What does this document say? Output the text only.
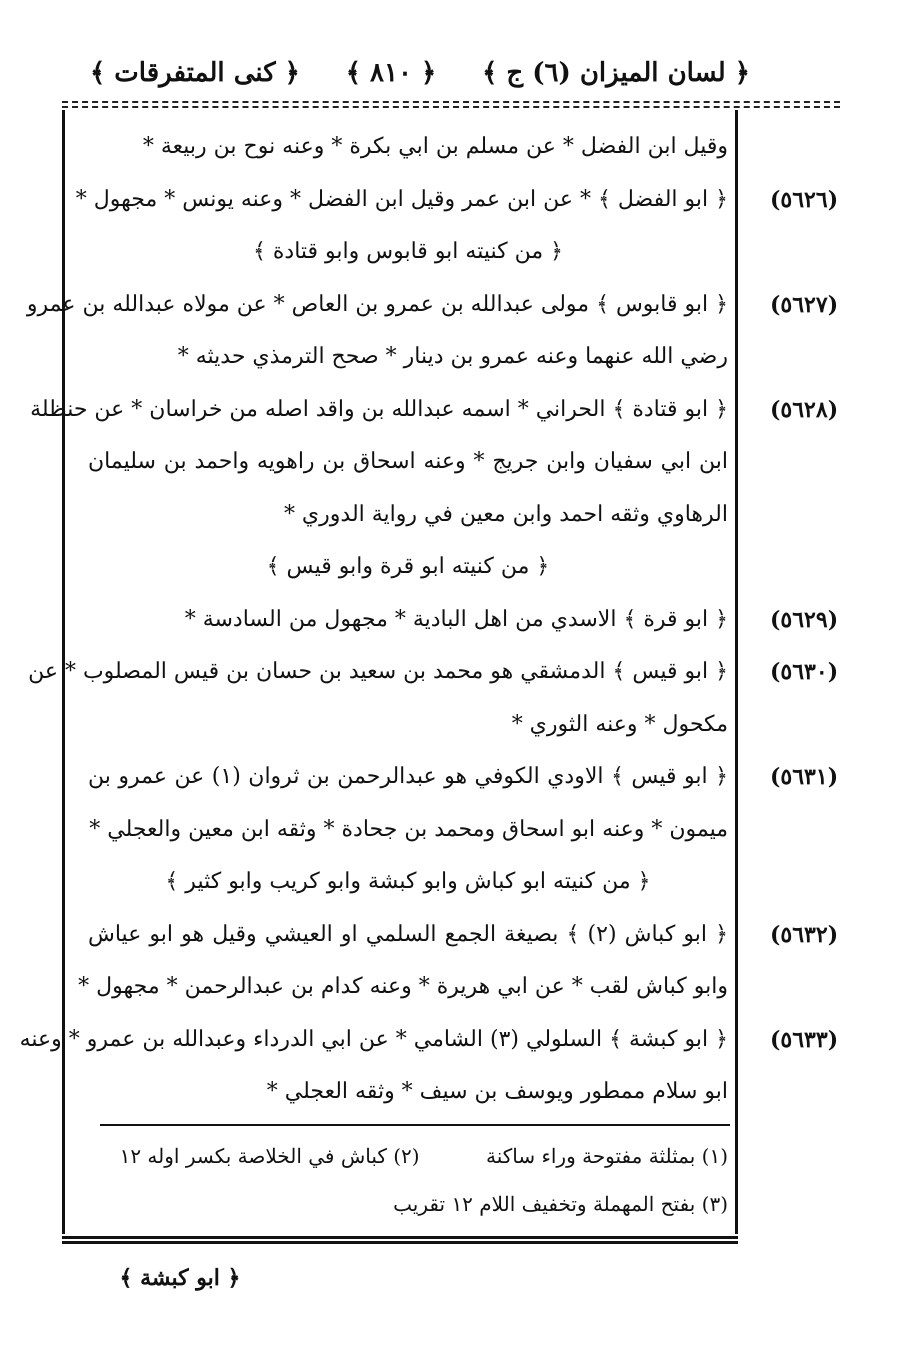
﴿ لسان الميزان (٦) ج ﴾
﴿ ٨١٠ ﴾
﴿ كنى المتفرقات ﴾
وقيل ابن الفضل * عن مسلم بن ابي بكرة * وعنه نوح بن ربيعة *
﴿ ابو الفضل ﴾ * عن ابن عمر وقيل ابن الفضل * وعنه يونس * مجهول * (٥٦٢٦)
﴿ من كنيته ابو قابوس وابو قتادة ﴾
﴿ ابو قابوس ﴾ مولى عبدالله بن عمرو بن العاص * عن مولاه عبدالله بن عمرو (٥٦٢٧)
رضي الله عنهما وعنه عمرو بن دينار * صحح الترمذي حديثه *
﴿ ابو قتادة ﴾ الحراني * اسمه عبدالله بن واقد اصله من خراسان * عن حنظلة (٥٦٢٨)
ابن ابي سفيان وابن جريج * وعنه اسحاق بن راهويه واحمد بن سليمان
الرهاوي وثقه احمد وابن معين في رواية الدوري *
﴿ من كنيته ابو قرة وابو قيس ﴾
﴿ ابو قرة ﴾ الاسدي من اهل البادية * مجهول من السادسة * (٥٦٢٩)
﴿ ابو قيس ﴾ الدمشقي هو محمد بن سعيد بن حسان بن قيس المصلوب * عن (٥٦٣٠)
مكحول * وعنه الثوري *
﴿ ابو قيس ﴾ الاودي الكوفي هو عبدالرحمن بن ثروان (١) عن عمرو بن (٥٦٣١)
ميمون * وعنه ابو اسحاق ومحمد بن جحادة * وثقه ابن معين والعجلي *
﴿ من كنيته ابو كباش وابو كبشة وابو كريب وابو كثير ﴾
﴿ ابو كباش (٢) ﴾ بصيغة الجمع السلمي او العيشي وقيل هو ابو عياش (٥٦٣٢)
وابو كباش لقب * عن ابي هريرة * وعنه كدام بن عبدالرحمن * مجهول *
﴿ ابو كبشة ﴾ السلولي (٣) الشامي * عن ابي الدرداء وعبدالله بن عمرو * وعنه (٥٦٣٣)
ابو سلام ممطور ويوسف بن سيف * وثقه العجلي *
(١) بمثلثة مفتوحة وراء ساكنة (٢) كباش في الخلاصة بكسر اوله ١٢
(٣) بفتح المهملة وتخفيف اللام ١٢ تقريب
﴿ ابو كبشة ﴾
